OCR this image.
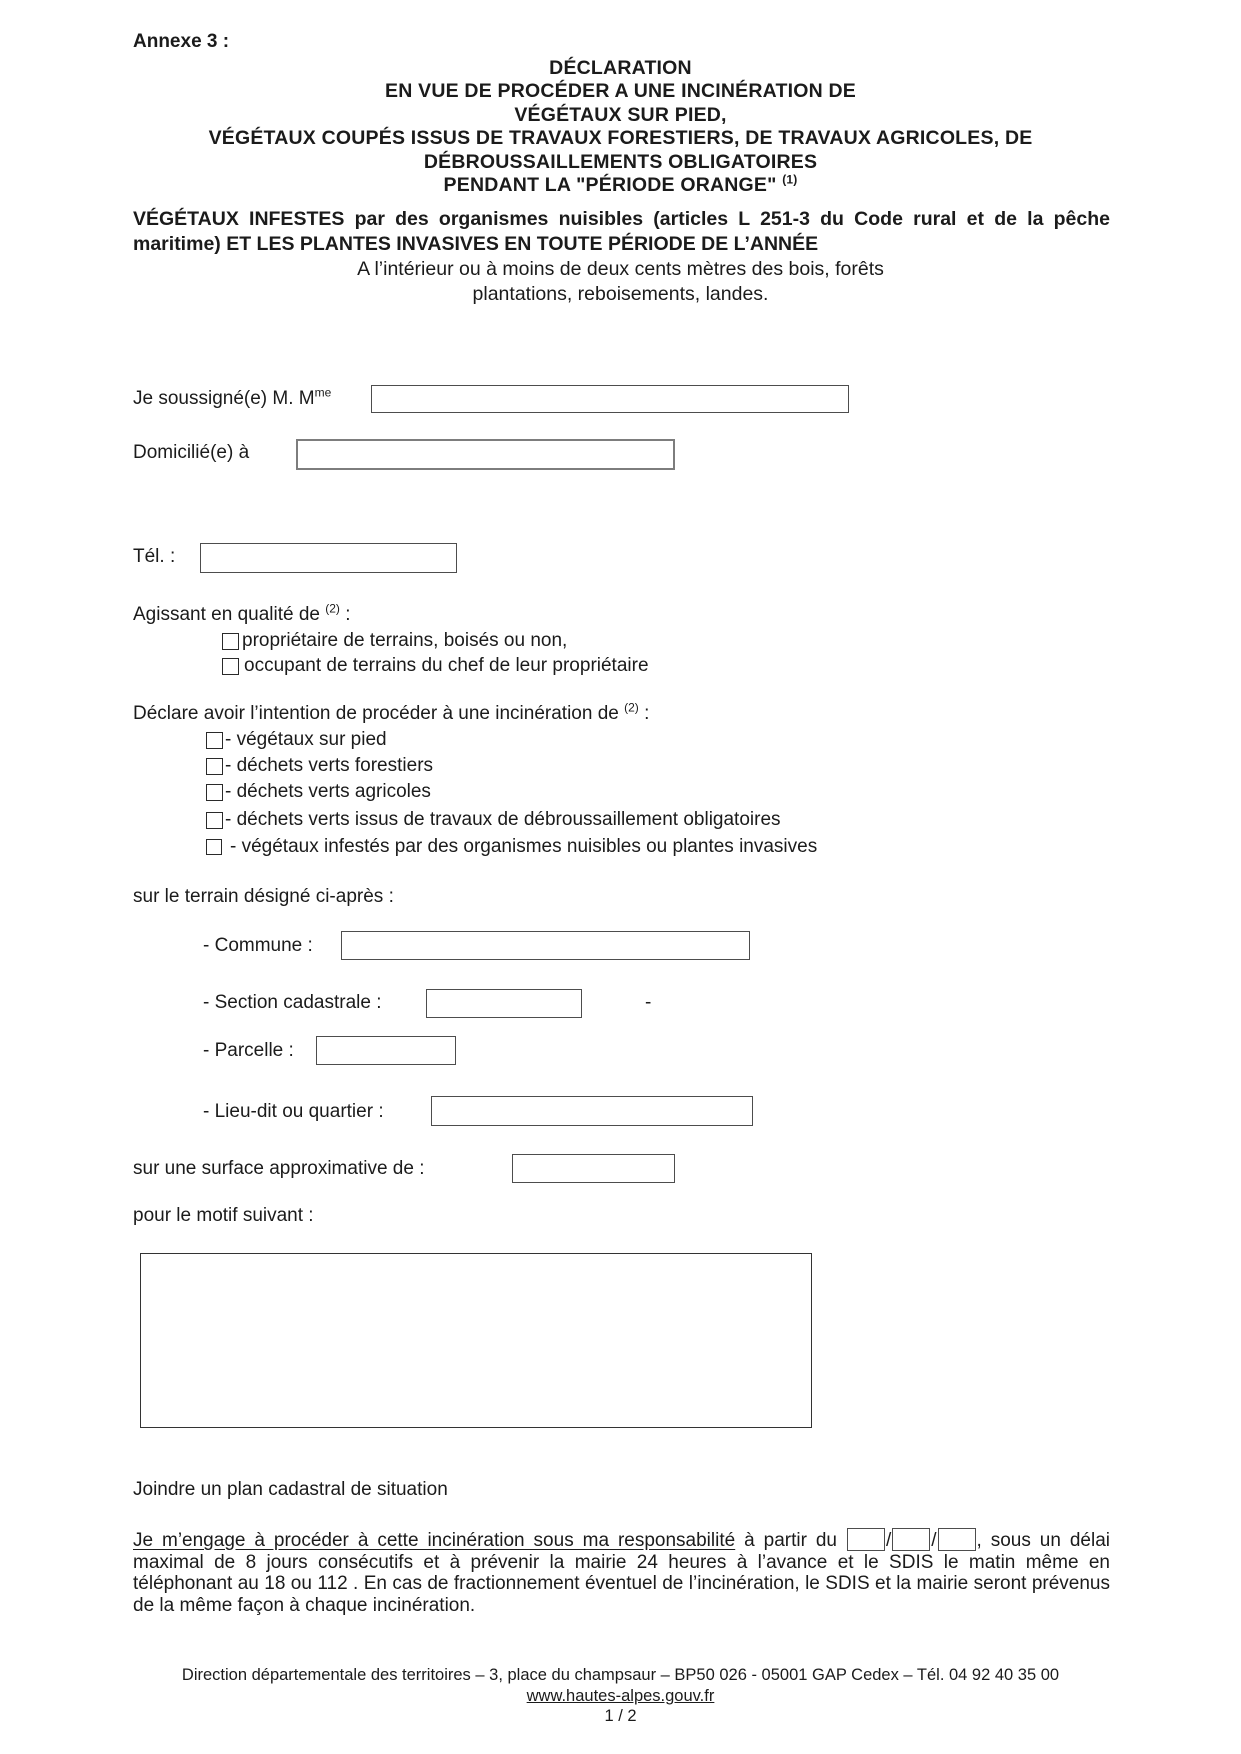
Annexe 3 :
DÉCLARATION
EN VUE DE PROCÉDER A UNE INCINÉRATION DE
VÉGÉTAUX SUR PIED,
VÉGÉTAUX COUPÉS ISSUS DE TRAVAUX FORESTIERS, DE TRAVAUX AGRICOLES, DE
DÉBROUSSAILLEMENTS OBLIGATOIRES
PENDANT LA "PÉRIODE ORANGE" $^{(1)}$
VÉGÉTAUX INFESTES par des organismes nuisibles (articles L 251-3 du Code rural et de la pêche maritime) ET LES PLANTES INVASIVES EN TOUTE PÉRIODE DE L’ANNÉE
A l’intérieur ou à moins de deux cents mètres des bois, forêts
plantations, reboisements, landes.
Je soussigné(e) M. $M^{me}$
Domicilié(e) à
Tél. :
Agissant en qualité de $^{(2)}$ :
propriétaire de terrains, boisés ou non,
occupant de terrains du chef de leur propriétaire
Déclare avoir l’intention de procéder à une incinération de $^{(2)}$ :
- végétaux sur pied
- déchets verts forestiers
- déchets verts agricoles
- déchets verts issus de travaux de débroussaillement obligatoires
- végétaux infestés par des organismes nuisibles ou plantes invasives
sur le terrain désigné ci-après :
- Commune :
- Section cadastrale :	-
- Parcelle :
- Lieu-dit ou quartier :
sur une surface approximative de :
pour le motif suivant :
Joindre un plan cadastral de situation
Je m’engage à procéder à cette incinération sous ma responsabilité à partir du / / , sous un délai maximal de 8 jours consécutifs et à prévenir la mairie 24 heures à l’avance et le SDIS le matin même en téléphonant au 18 ou 112 . En cas de fractionnement éventuel de l’incinération, le SDIS et la mairie seront prévenus de la même façon à chaque incinération.
Direction départementale des territoires – 3, place du champsaur – BP50 026 - 05001 GAP Cedex – Tél. 04 92 40 35 00
www.hautes-alpes.gouv.fr
1 / 2
